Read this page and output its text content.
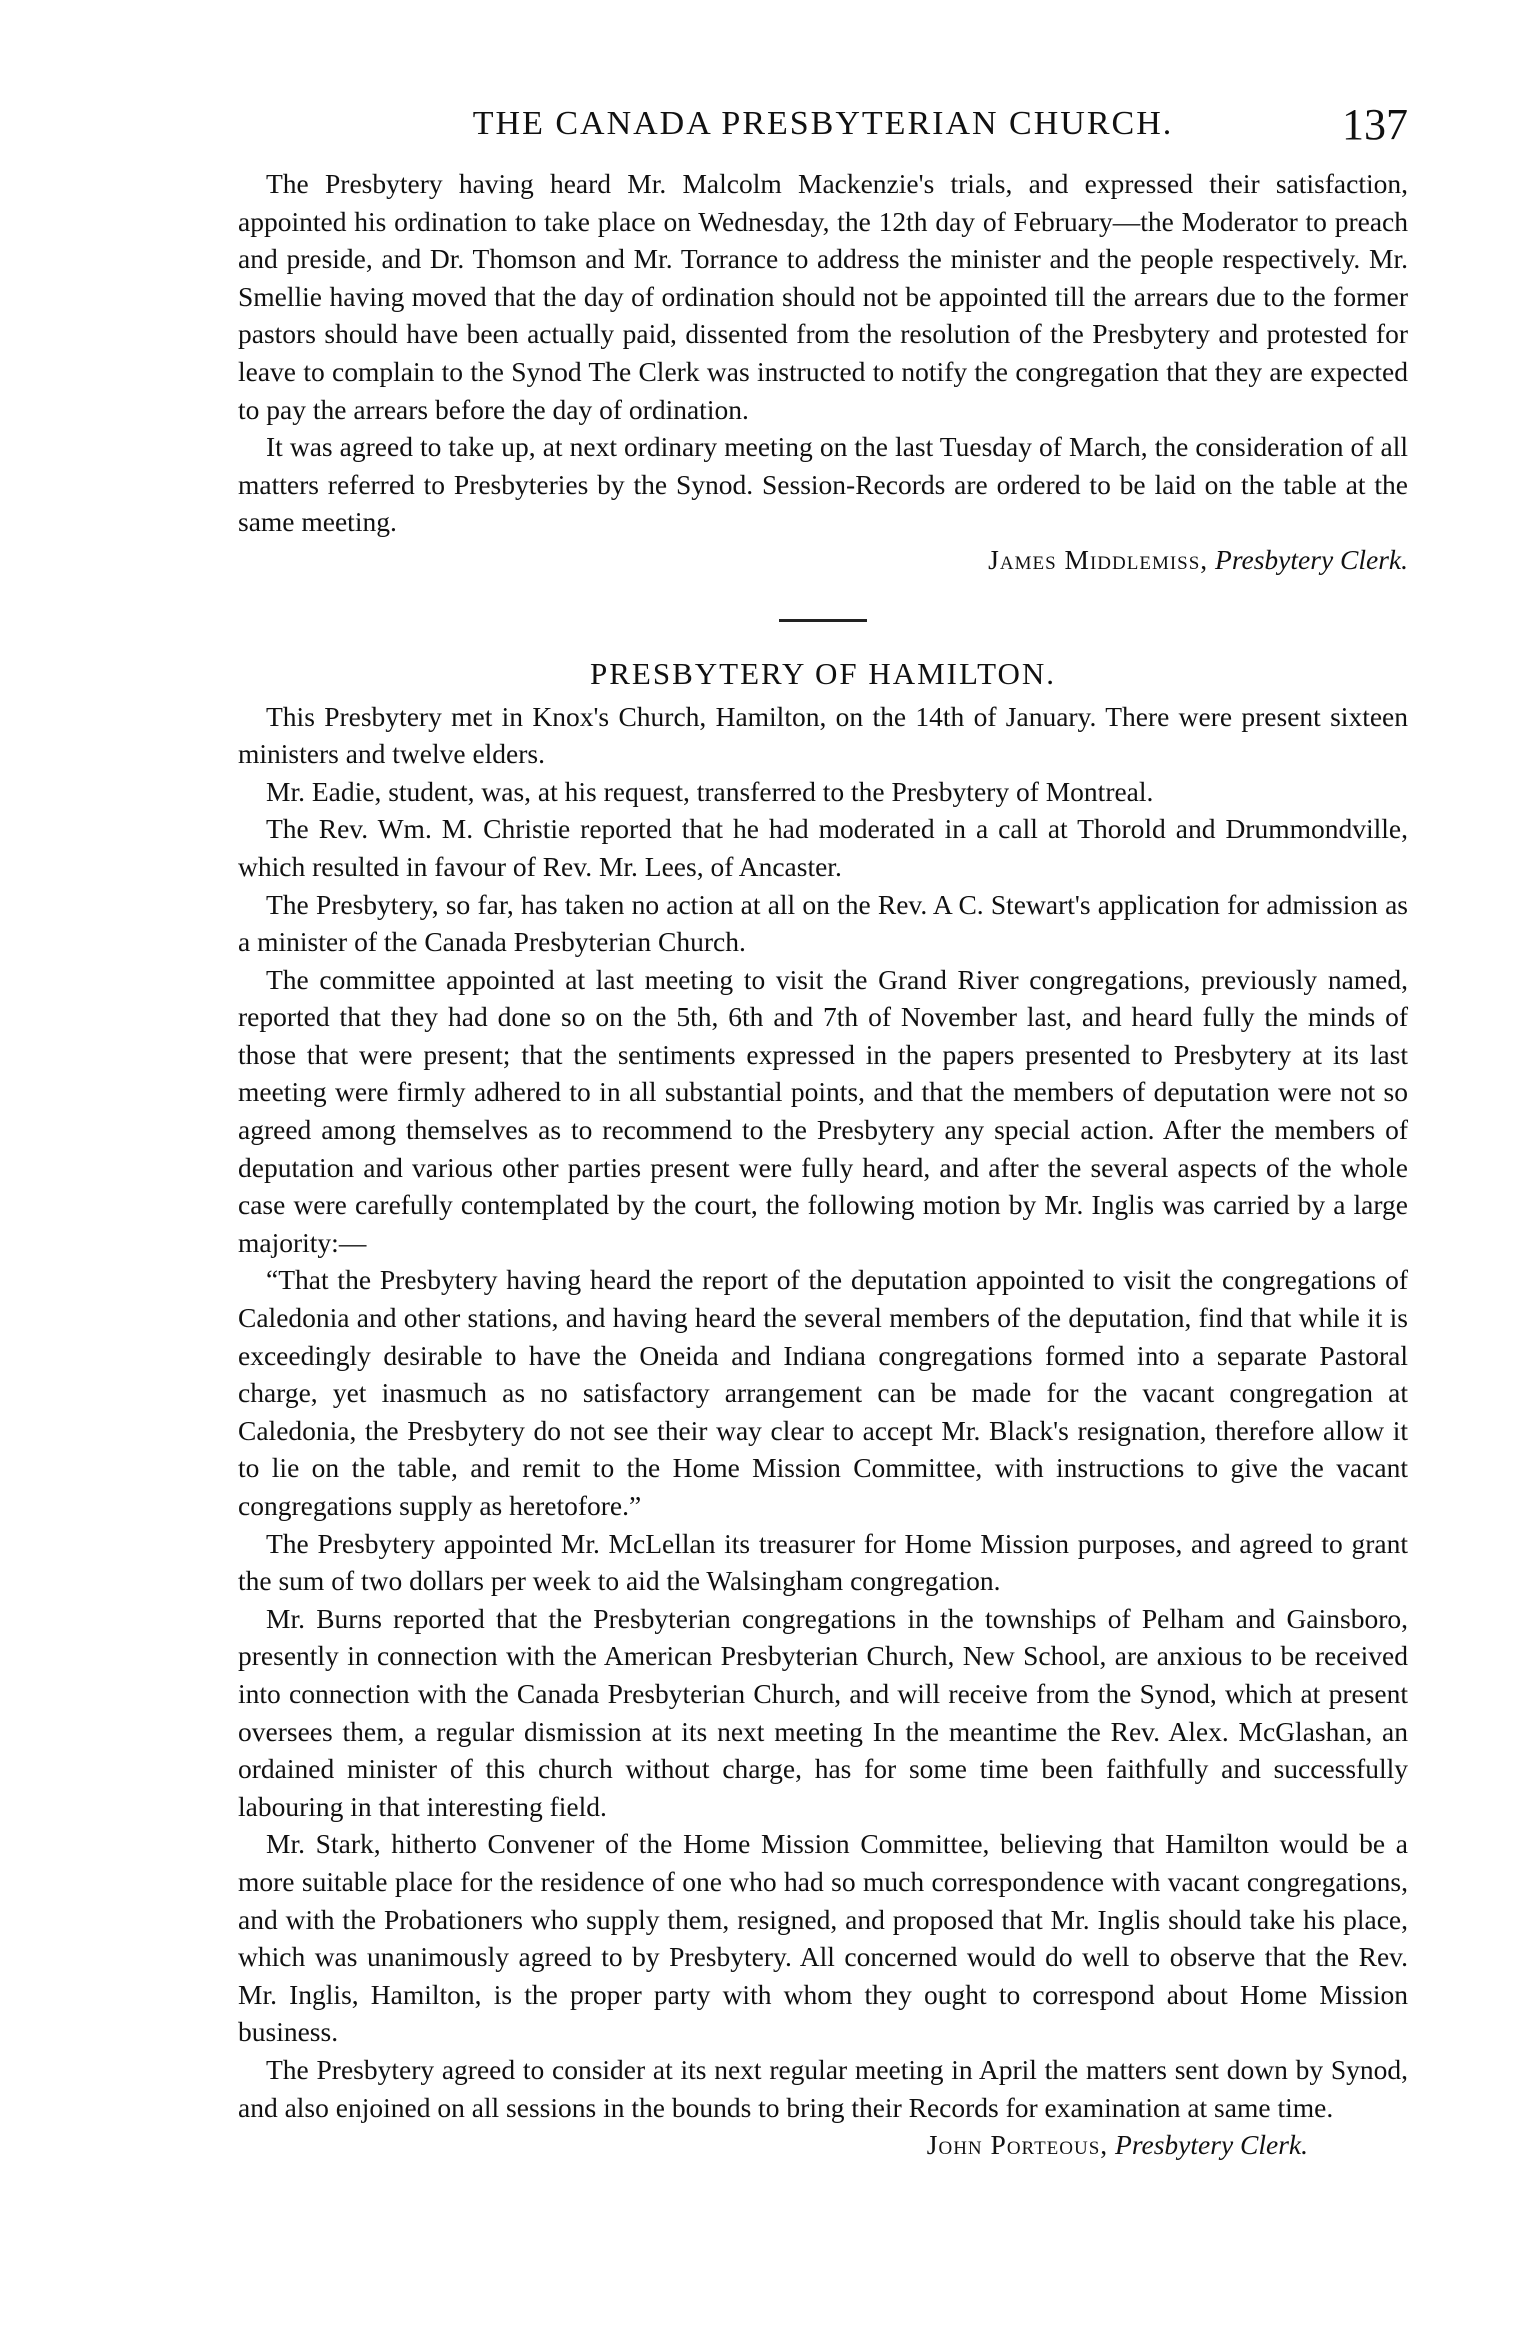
THE CANADA PRESBYTERIAN CHURCH.	137

The Presbytery having heard Mr. Malcolm Mackenzie's trials, and expressed their satisfaction, appointed his ordination to take place on Wednesday, the 12th day of February—the Moderator to preach and preside, and Dr. Thomson and Mr. Torrance to address the minister and the people respectively. Mr. Smellie having moved that the day of ordination should not be appointed till the arrears due to the former pastors should have been actually paid, dissented from the resolution of the Presbytery and protested for leave to complain to the Synod The Clerk was instructed to notify the congregation that they are expected to pay the arrears before the day of ordination.

It was agreed to take up, at next ordinary meeting on the last Tuesday of March, the consideration of all matters referred to Presbyteries by the Synod. Session-Records are ordered to be laid on the table at the same meeting.

James Middlemiss, Presbytery Clerk.
PRESBYTERY OF HAMILTON.

This Presbytery met in Knox's Church, Hamilton, on the 14th of January. There were present sixteen ministers and twelve elders.

Mr. Eadie, student, was, at his request, transferred to the Presbytery of Montreal.

The Rev. Wm. M. Christie reported that he had moderated in a call at Thorold and Drummondville, which resulted in favour of Rev. Mr. Lees, of Ancaster.

The Presbytery, so far, has taken no action at all on the Rev. A C. Stewart's application for admission as a minister of the Canada Presbyterian Church.

The committee appointed at last meeting to visit the Grand River congregations, previously named, reported that they had done so on the 5th, 6th and 7th of November last, and heard fully the minds of those that were present; that the sentiments expressed in the papers presented to Presbytery at its last meeting were firmly adhered to in all substantial points, and that the members of deputation were not so agreed among themselves as to recommend to the Presbytery any special action. After the members of deputation and various other parties present were fully heard, and after the several aspects of the whole case were carefully contemplated by the court, the following motion by Mr. Inglis was carried by a large majority:—

“That the Presbytery having heard the report of the deputation appointed to visit the congregations of Caledonia and other stations, and having heard the several members of the deputation, find that while it is exceedingly desirable to have the Oneida and Indiana congregations formed into a separate Pastoral charge, yet inasmuch as no satisfactory arrangement can be made for the vacant congregation at Caledonia, the Presbytery do not see their way clear to accept Mr. Black's resignation, therefore allow it to lie on the table, and remit to the Home Mission Committee, with instructions to give the vacant congregations supply as heretofore.”

The Presbytery appointed Mr. McLellan its treasurer for Home Mission purposes, and agreed to grant the sum of two dollars per week to aid the Walsingham congregation.

Mr. Burns reported that the Presbyterian congregations in the townships of Pelham and Gainsboro, presently in connection with the American Presbyterian Church, New School, are anxious to be received into connection with the Canada Presbyterian Church, and will receive from the Synod, which at present oversees them, a regular dismission at its next meeting In the meantime the Rev. Alex. McGlashan, an ordained minister of this church without charge, has for some time been faithfully and successfully labouring in that interesting field.

Mr. Stark, hitherto Convener of the Home Mission Committee, believing that Hamilton would be a more suitable place for the residence of one who had so much correspondence with vacant congregations, and with the Probationers who supply them, resigned, and proposed that Mr. Inglis should take his place, which was unanimously agreed to by Presbytery. All concerned would do well to observe that the Rev. Mr. Inglis, Hamilton, is the proper party with whom they ought to correspond about Home Mission business.

The Presbytery agreed to consider at its next regular meeting in April the matters sent down by Synod, and also enjoined on all sessions in the bounds to bring their Records for examination at same time.

John Porteous, Presbytery Clerk.
